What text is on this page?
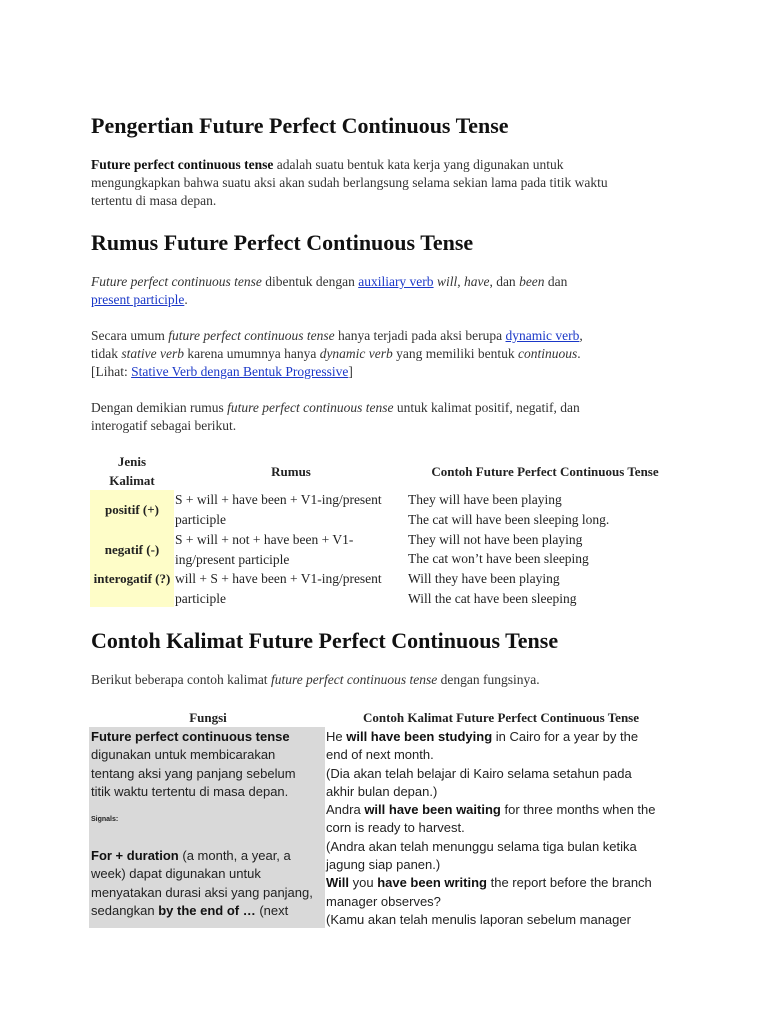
Pengertian Future Perfect Continuous Tense

Future perfect continuous tense adalah suatu bentuk kata kerja yang digunakan untuk
mengungkapkan bahwa suatu aksi akan sudah berlangsung selama sekian lama pada titik waktu
tertentu di masa depan.

Rumus Future Perfect Continuous Tense

Future perfect continuous tense dibentuk dengan auxiliary verb will, have, dan been dan
present participle.

Secara umum future perfect continuous tense hanya terjadi pada aksi berupa dynamic verb,
tidak stative verb karena umumnya hanya dynamic verb yang memiliki bentuk continuous.
[Lihat: Stative Verb dengan Bentuk Progressive]

Dengan demikian rumus future perfect continuous tense untuk kalimat positif, negatif, dan
interogatif sebagai berikut.

Jenis Kalimat
Rumus	Contoh Future Perfect Continuous Tense
positif (+)
S + will + have been + V1-ing/present participle
They will have been playing
The cat will have been sleeping long.
negatif (-)
S + will + not + have been + V1-ing/present participle
They will not have been playing
The cat won’t have been sleeping
interogatif (?) will + S + have been + V1-ing/present participle
Will they have been playing
Will the cat have been sleeping
Contoh Kalimat Future Perfect Continuous Tense

Berikut beberapa contoh kalimat future perfect continuous tense dengan fungsinya.

Fungsi	Contoh Kalimat Future Perfect Continuous Tense
Future perfect continuous tense
digunakan untuk membicarakan
tentang aksi yang panjang sebelum
titik waktu tertentu di masa depan.
Signals:
For + duration (a month, a year, a
week) dapat digunakan untuk
menyatakan durasi aksi yang panjang,
sedangkan by the end of … (next
He will have been studying in Cairo for a year by the
end of next month.
(Dia akan telah belajar di Kairo selama setahun pada
akhir bulan depan.)
Andra will have been waiting for three months when the
corn is ready to harvest.
(Andra akan telah menunggu selama tiga bulan ketika
jagung siap panen.)
Will you have been writing the report before the branch
manager observes?
(Kamu akan telah menulis laporan sebelum manager
